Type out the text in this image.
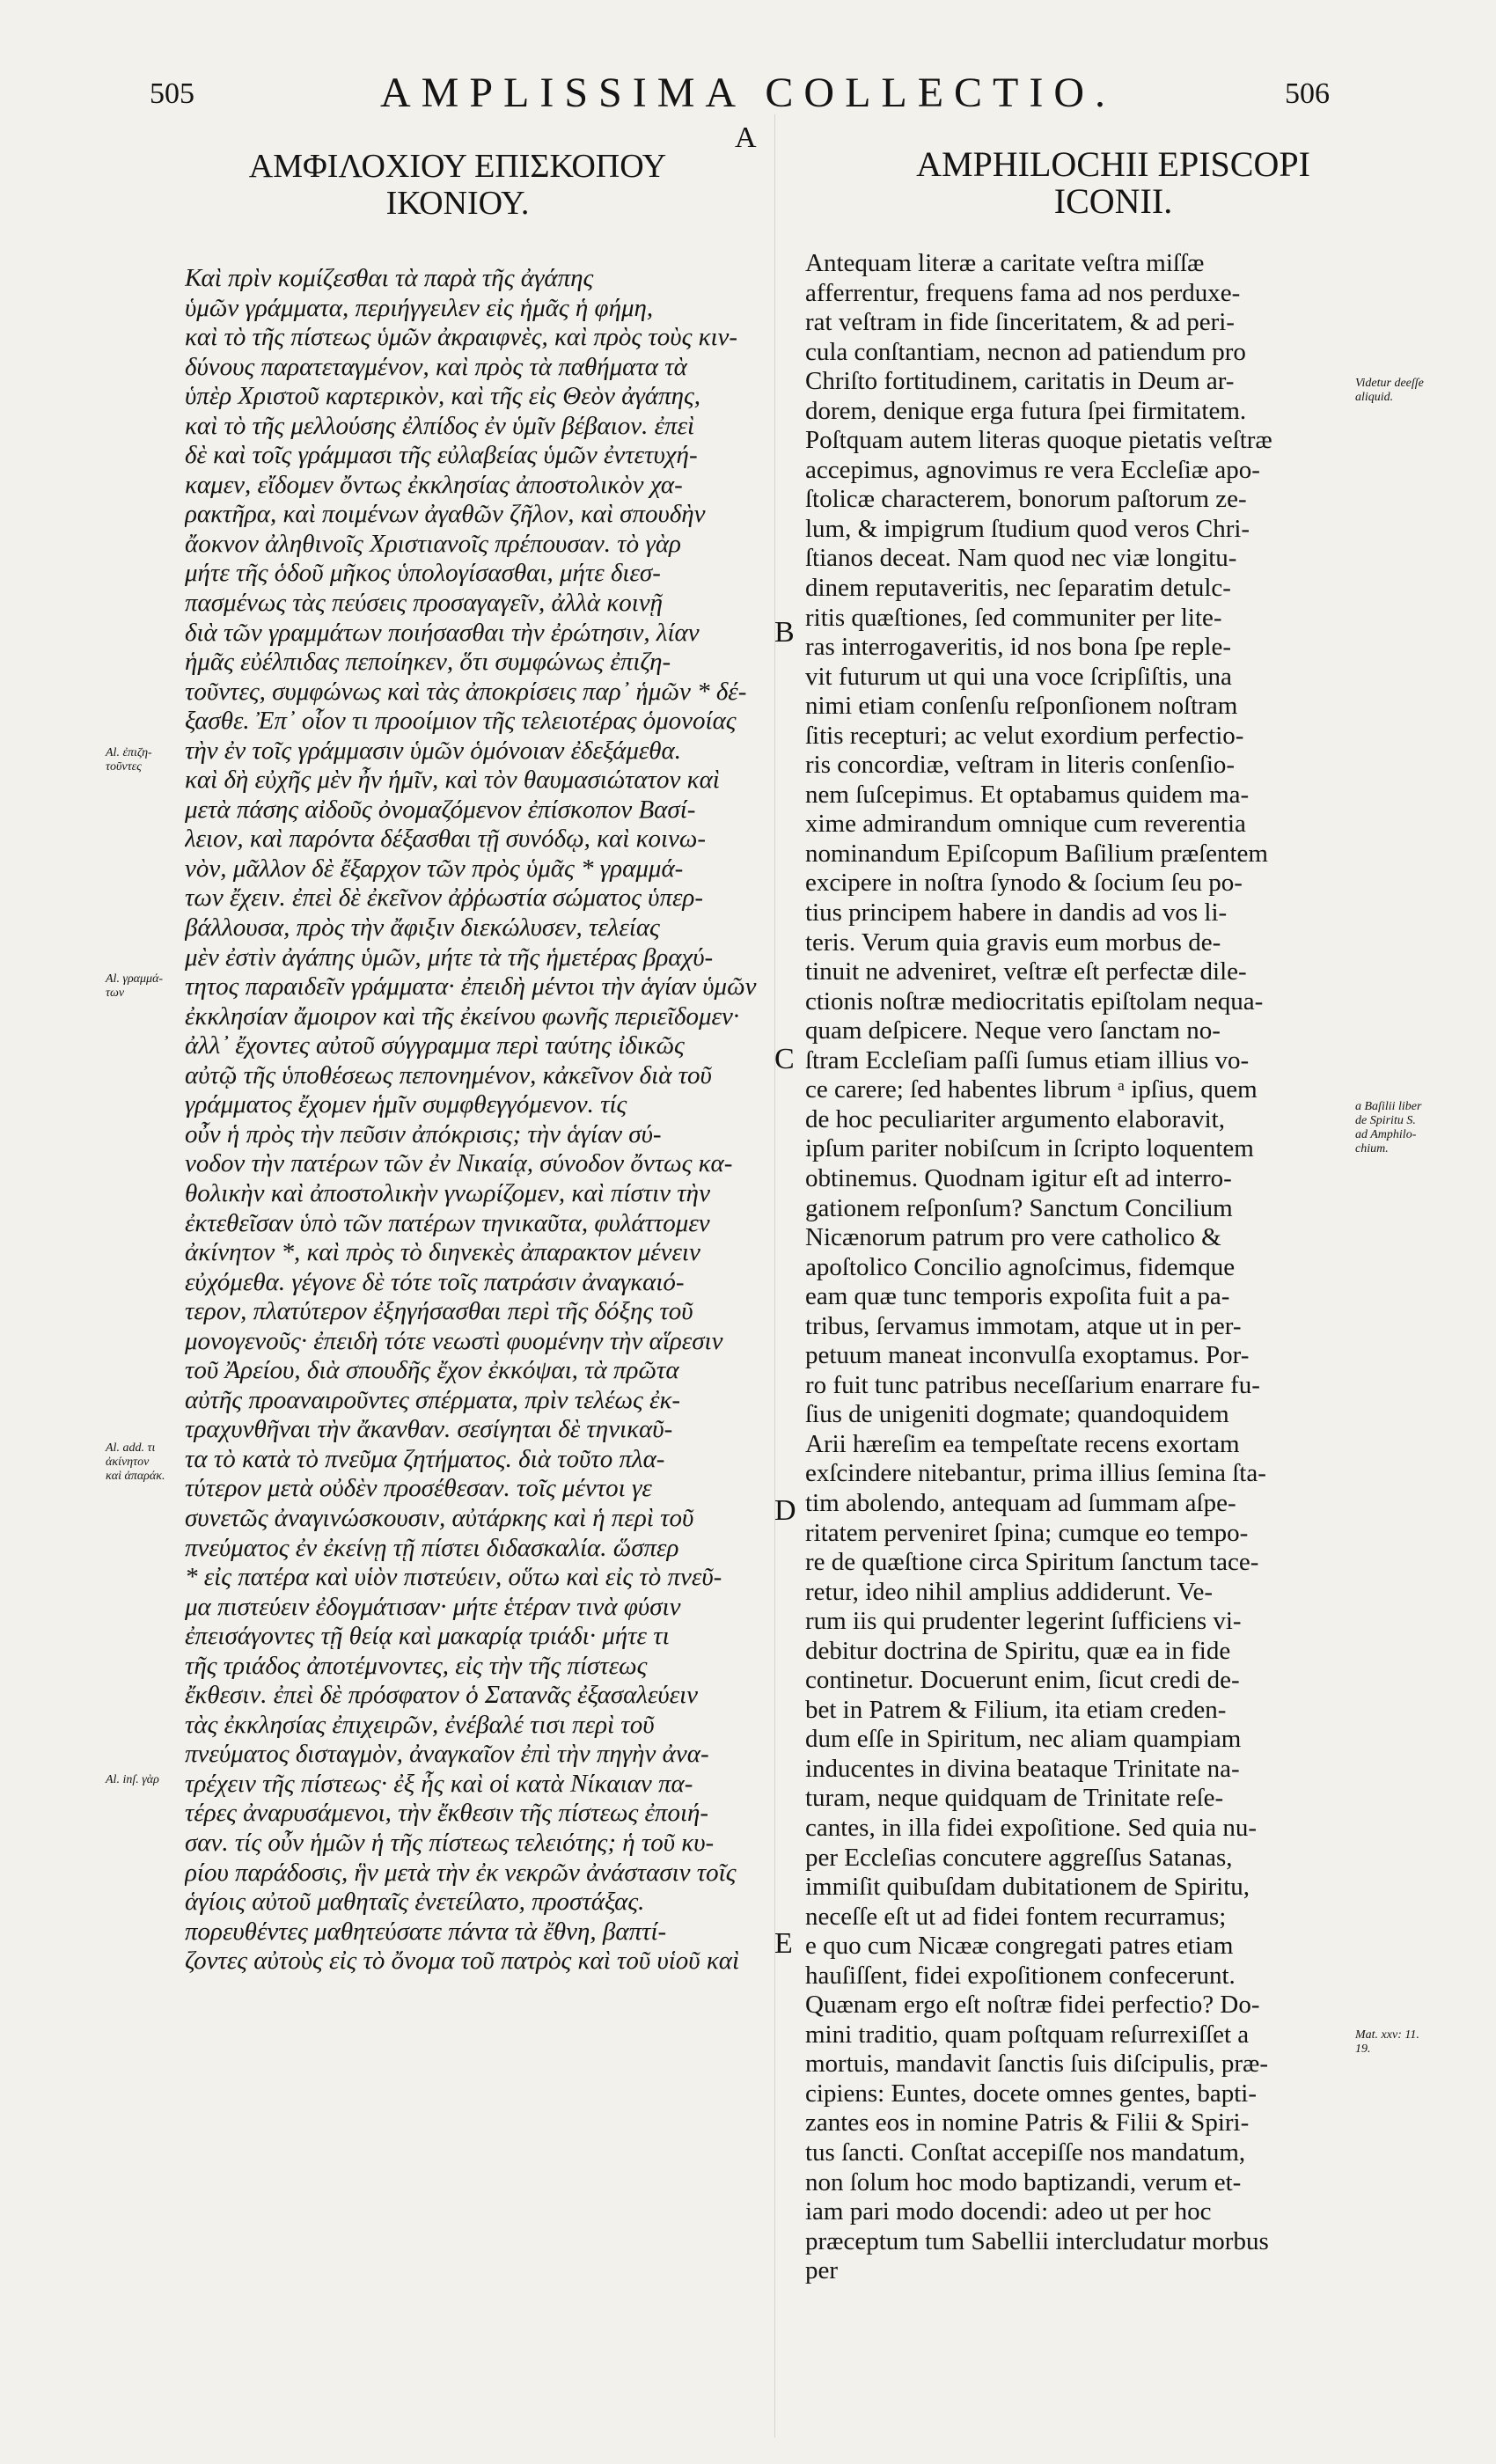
505	506
AMPLISSIMA COLLECTIO.
A
ΑΜΦΙΛΟΧΙΟΥ ΕΠΙΣΚΟΠΟΥ
ΙΚΟΝΙΟΥ.
AMPHILOCHII EPISCOPI
ICONII.
Καὶ πρὶν κομίζεσθαι τὰ παρὰ τῆς ἀγάπης
ὑμῶν γράμματα, περιήγγειλεν εἰς ἡμᾶς ἡ φήμη,
καὶ τὸ τῆς πίστεως ὑμῶν ἀκραιφνὲς, καὶ πρὸς τοὺς κιν-
δύνους παρατεταγμένον, καὶ πρὸς τὰ παθήματα τὰ
ὑπὲρ Χριστοῦ καρτερικὸν, καὶ τῆς εἰς Θεὸν ἀγάπης,
καὶ τὸ τῆς μελλούσης ἐλπίδος ἐν ὑμῖν βέβαιον. ἐπεὶ
δὲ καὶ τοῖς γράμμασι τῆς εὐλαβείας ὑμῶν ἐντετυχή-
καμεν, εἴδομεν ὄντως ἐκκλησίας ἀποστολικὸν χα-
ρακτῆρα, καὶ ποιμένων ἀγαθῶν ζῆλον, καὶ σπουδὴν
ἄοκνον ἀληθινοῖς Χριστιανοῖς πρέπουσαν. τὸ γὰρ
μήτε τῆς ὁδοῦ μῆκος ὑπολογίσασθαι, μήτε διεσ-
πασμένως τὰς πεύσεις προσαγαγεῖν, ἀλλὰ κοινῇ
διὰ τῶν γραμμάτων ποιήσασθαι τὴν ἐρώτησιν, λίαν
ἡμᾶς εὐέλπιδας πεποίηκεν, ὅτι συμφώνως ἐπιζη-
τοῦντες, συμφώνως καὶ τὰς ἀποκρίσεις παρ᾽ ἡμῶν * δέ-
ξασθε. Ἐπ᾽ οἷον τι προοίμιον τῆς τελειοτέρας ὁμονοίας
τὴν ἐν τοῖς γράμμασιν ὑμῶν ὁμόνοιαν ἐδεξάμεθα.
καὶ δὴ εὐχῆς μὲν ἦν ἡμῖν, καὶ τὸν θαυμασιώτατον καὶ
μετὰ πάσης αἰδοῦς ὀνομαζόμενον ἐπίσκοπον Βασί-
λειον, καὶ παρόντα δέξασθαι τῇ συνόδῳ, καὶ κοινω-
νὸν, μᾶλλον δὲ ἔξαρχον τῶν πρὸς ὑμᾶς * γραμμά-
των ἔχειν. ἐπεὶ δὲ ἐκεῖνον ἀῤῥωστία σώματος ὑπερ-
βάλλουσα, πρὸς τὴν ἄφιξιν διεκώλυσεν, τελείας
μὲν ἐστὶν ἀγάπης ὑμῶν, μήτε τὰ τῆς ἡμετέρας βραχύ-
τητος παραιδεῖν γράμματα· ἐπειδὴ μέντοι τὴν ἁγίαν ὑμῶν
ἐκκλησίαν ἄμοιρον καὶ τῆς ἐκείνου φωνῆς περιεῖδομεν·
ἀλλ᾽ ἔχοντες αὐτοῦ σύγγραμμα περὶ ταύτης ἰδικῶς
αὐτῷ τῆς ὑποθέσεως πεπονημένον, κἀκεῖνον διὰ τοῦ
γράμματος ἔχομεν ἡμῖν συμφθεγγόμενον. τίς
οὖν ἡ πρὸς τὴν πεῦσιν ἀπόκρισις; τὴν ἁγίαν σύ-
νοδον τὴν πατέρων τῶν ἐν Νικαίᾳ, σύνοδον ὄντως κα-
θολικὴν καὶ ἀποστολικὴν γνωρίζομεν, καὶ πίστιν τὴν
ἐκτεθεῖσαν ὑπὸ τῶν πατέρων τηνικαῦτα, φυλάττομεν
ἀκίνητον *, καὶ πρὸς τὸ διηνεκὲς ἀπαρακτον μένειν
εὐχόμεθα. γέγονε δὲ τότε τοῖς πατράσιν ἀναγκαιό-
τερον, πλατύτερον ἐξηγήσασθαι περὶ τῆς δόξης τοῦ
μονογενοῦς· ἐπειδὴ τότε νεωστὶ φυομένην τὴν αἵρεσιν
τοῦ Ἀρείου, διὰ σπουδῆς ἔχον ἐκκόψαι, τὰ πρῶτα
αὐτῆς προαναιροῦντες σπέρματα, πρὶν τελέως ἐκ-
τραχυνθῆναι τὴν ἄκανθαν. σεσίγηται δὲ τηνικαῦ-
τα τὸ κατὰ τὸ πνεῦμα ζητήματος. διὰ τοῦτο πλα-
τύτερον μετὰ οὐδὲν προσέθεσαν. τοῖς μέντοι γε
συνετῶς ἀναγινώσκουσιν, αὐτάρκης καὶ ἡ περὶ τοῦ
πνεύματος ἐν ἐκείνῃ τῇ πίστει διδασκαλία. ὥσπερ
* εἰς πατέρα καὶ υἱὸν πιστεύειν, οὕτω καὶ εἰς τὸ πνεῦ-
μα πιστεύειν ἐδογμάτισαν· μήτε ἑτέραν τινὰ φύσιν
ἐπεισάγοντες τῇ θείᾳ καὶ μακαρίᾳ τριάδι· μήτε τι
τῆς τριάδος ἀποτέμνοντες, εἰς τὴν τῆς πίστεως
ἔκθεσιν. ἐπεὶ δὲ πρόσφατον ὁ Σατανᾶς ἐξασαλεύειν
τὰς ἐκκλησίας ἐπιχειρῶν, ἐνέβαλέ τισι περὶ τοῦ
πνεύματος δισταγμὸν, ἀναγκαῖον ἐπὶ τὴν πηγὴν ἀνα-
τρέχειν τῆς πίστεως· ἐξ ἧς καὶ οἱ κατὰ Νίκαιαν πα-
τέρες ἀναρυσάμενοι, τὴν ἔκθεσιν τῆς πίστεως ἐποιή-
σαν. τίς οὖν ἡμῶν ἡ τῆς πίστεως τελειότης; ἡ τοῦ κυ-
ρίου παράδοσις, ἣν μετὰ τὴν ἐκ νεκρῶν ἀνάστασιν τοῖς
ἁγίοις αὐτοῦ μαθηταῖς ἐνετείλατο, προστάξας.
πορευθέντες μαθητεύσατε πάντα τὰ ἔθνη, βαπτί-
ζοντες αὐτοὺς εἰς τὸ ὄνομα τοῦ πατρὸς καὶ τοῦ υἱοῦ καὶ
Antequam literæ a caritate veſtra miſſæ
afferrentur, frequens fama ad nos perduxe-
rat veſtram in fide ſinceritatem, & ad peri-
cula conſtantiam, necnon ad patiendum pro
Chriſto fortitudinem, caritatis in Deum ar-
dorem, denique erga futura ſpei firmitatem.
Poſtquam autem literas quoque pietatis veſtræ
accepimus, agnovimus re vera Eccleſiæ apo-
ſtolicæ characterem, bonorum paſtorum ze-
lum, & impigrum ſtudium quod veros Chri-
ſtianos deceat. Nam quod nec viæ longitu-
dinem reputaveritis, nec ſeparatim detulc-
ritis quæſtiones, ſed communiter per lite-
ras interrogaveritis, id nos bona ſpe reple-
vit futurum ut qui una voce ſcripſiſtis, una
nimi etiam conſenſu reſponſionem noſtram
ſitis recepturi; ac velut exordium perfectio-
ris concordiæ, veſtram in literis conſenſio-
nem ſuſcepimus. Et optabamus quidem ma-
xime admirandum omnique cum reverentia
nominandum Epiſcopum Baſilium præſentem
excipere in noſtra ſynodo & ſocium ſeu po-
tius principem habere in dandis ad vos li-
teris. Verum quia gravis eum morbus de-
tinuit ne adveniret, veſtræ eſt perfectæ dile-
ctionis noſtræ mediocritatis epiſtolam nequa-
quam deſpicere. Neque vero ſanctam no-
ſtram Eccleſiam paſſi ſumus etiam illius vo-
ce carere; ſed habentes librum ᵃ ipſius, quem
de hoc peculiariter argumento elaboravit,
ipſum pariter nobiſcum in ſcripto loquentem
obtinemus. Quodnam igitur eſt ad interro-
gationem reſponſum? Sanctum Concilium
Nicænorum patrum pro vere catholico &
apoſtolico Concilio agnoſcimus, fidemque
eam quæ tunc temporis expoſita fuit a pa-
tribus, ſervamus immotam, atque ut in per-
petuum maneat inconvulſa exoptamus. Por-
ro fuit tunc patribus neceſſarium enarrare fu-
ſius de unigeniti dogmate; quandoquidem
Arii hæreſim ea tempeſtate recens exortam
exſcindere nitebantur, prima illius ſemina ſta-
tim abolendo, antequam ad ſummam aſpe-
ritatem perveniret ſpina; cumque eo tempo-
re de quæſtione circa Spiritum ſanctum tace-
retur, ideo nihil amplius addiderunt. Ve-
rum iis qui prudenter legerint ſufficiens vi-
debitur doctrina de Spiritu, quæ ea in fide
continetur. Docuerunt enim, ſicut credi de-
bet in Patrem & Filium, ita etiam creden-
dum eſſe in Spiritum, nec aliam quampiam
inducentes in divina beataque Trinitate na-
turam, neque quidquam de Trinitate reſe-
cantes, in illa fidei expoſitione. Sed quia nu-
per Eccleſias concutere aggreſſus Satanas,
immiſit quibuſdam dubitationem de Spiritu,
neceſſe eſt ut ad fidei fontem recurramus;
e quo cum Nicææ congregati patres etiam
hauſiſſent, fidei expoſitionem confecerunt.
Quænam ergo eſt noſtræ fidei perfectio? Do-
mini traditio, quam poſtquam reſurrexiſſet a
mortuis, mandavit ſanctis ſuis diſcipulis, præ-
cipiens: Euntes, docete omnes gentes, bapti-
zantes eos in nomine Patris & Filii & Spiri-
tus ſancti. Conſtat accepiſſe nos mandatum,
non ſolum hoc modo baptizandi, verum et-
iam pari modo docendi: adeo ut per hoc
præceptum tum Sabellii intercludatur morbus
per
Al. ἐπιζη-
τοῦντες
Al. γραμμά-
των
Al. add. τι
ἀκίνητον
καὶ ἀπαράκ.
Al. inſ. γὰρ
Videtur deeſſe
aliquid.
a Baſilii liber
de Spiritu S.
ad Amphilo-
chium.
Mat. xxv: 11.
19.
B
C
D
E
